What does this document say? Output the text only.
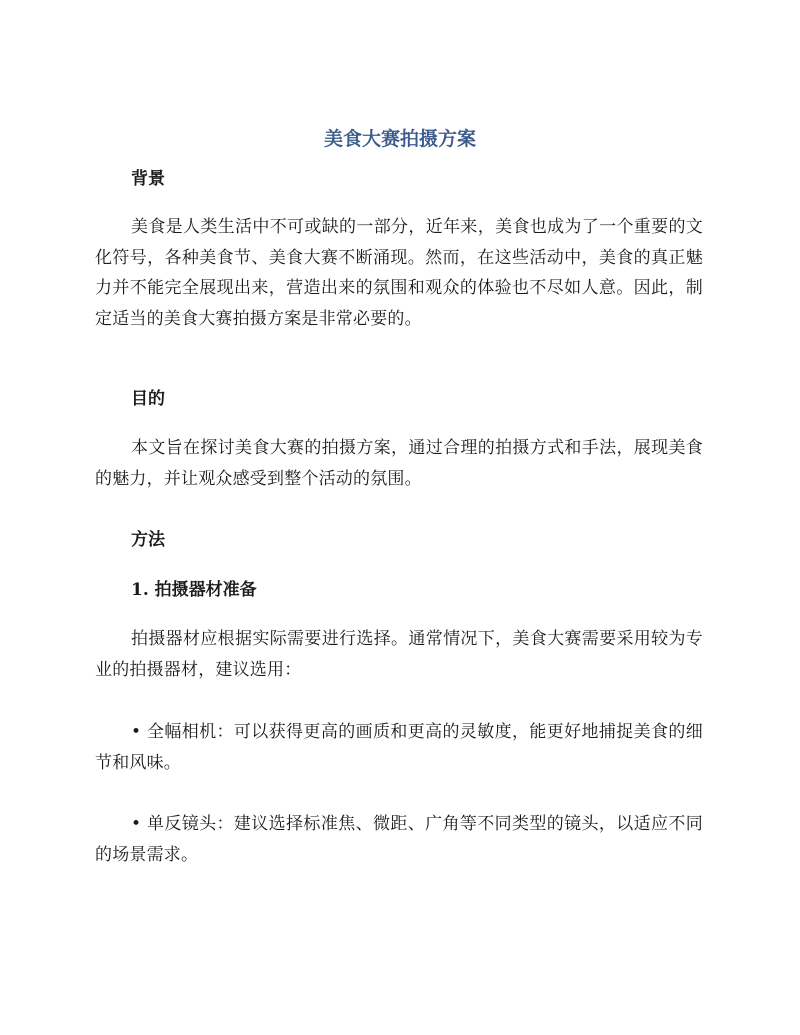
美食大赛拍摄方案
背景

美食是人类生活中不可或缺的一部分，近年来，美食也成为了一个重要的文化符号，各种美食节、美食大赛不断涌现。然而，在这些活动中，美食的真正魅力并不能完全展现出来，营造出来的氛围和观众的体验也不尽如人意。因此，制定适当的美食大赛拍摄方案是非常必要的。

目的

本文旨在探讨美食大赛的拍摄方案，通过合理的拍摄方式和手法，展现美食的魅力，并让观众感受到整个活动的氛围。

方法
1. 拍摄器材准备

拍摄器材应根据实际需要进行选择。通常情况下，美食大赛需要采用较为专业的拍摄器材，建议选用：

• 全幅相机：可以获得更高的画质和更高的灵敏度，能更好地捕捉美食的细节和风味。

• 单反镜头：建议选择标准焦、微距、广角等不同类型的镜头，以适应不同的场景需求。
